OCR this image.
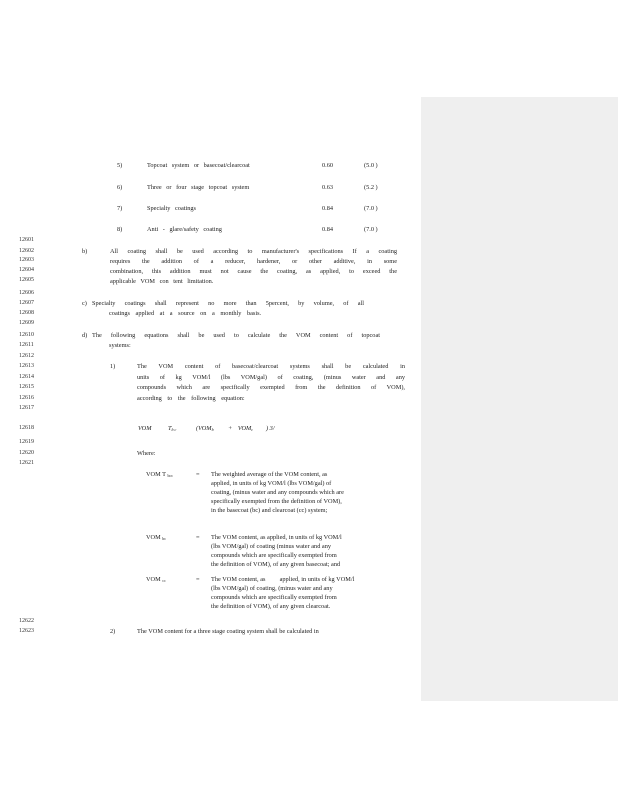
12601
12602
12603
12604
12605
12606
12607
12608
12609
12610
12611
12612
12613
12614
12615
12616
12617
12618
12619
12620
12621
12622
12623
5)	Topcoat system or basecoat/clearcoat	0.60	(5.0 )
6)	Three or four stage topcoat system	0.63	(5.2 )
7)	Specialty coatings	0.84	(7.0 )
8)	Anti - glare/safety coating	0.84	(7.0 )
b)	All coating shall be used according to manufacturer's specifications If a coating
requires the addition of a reducer, hardener, or other additive, in some
combination, this addition must not cause the coating, as applied, to exceed the
applicable VOM con tent limitation.
c) Specialty coatings shall represent no more than 5percent, by volume, of all
coatings applied at a source on a monthly basis.
d) The following equations shall be used to calculate the VOM content of topcoat
systems:
1)	The VOM content of basecoat/clearcoat systems shall be calculated in
units of kg VOM/l (lbs VOM/gal) of coating, (minus water and any
compounds which are specifically exempted from the definition of VOM),
according to the following equation:
VOM	$T_{b c}$	($VOM_b + VOM_c$ ) 3/
Where:
VOM T $_{bcc}$	= The weighted average of the VOM content, as
applied, in units of kg VOM/l (lbs VOM/gal) of
coating, (minus water and any compounds which are
specifically exempted from the definition of VOM),
in the basecoat (bc) and clearcoat (cc) system;
VOM $_{bc}$	= The VOM content, as applied, in units of kg VOM/l
(lbs VOM/gal) of coating (minus water and any
compounds which are specifically exempted from
the definition of VOM), of any given basecoat; and
VOM $_{cc}$	= The VOM content, as         applied, in units of kg VOM/l
(lbs VOM/gal) of coating, (minus water and any
compounds which are specifically exempted from
the definition of VOM), of any given clearcoat.
2)	The VOM content for a three stage coating system shall be calculated in
